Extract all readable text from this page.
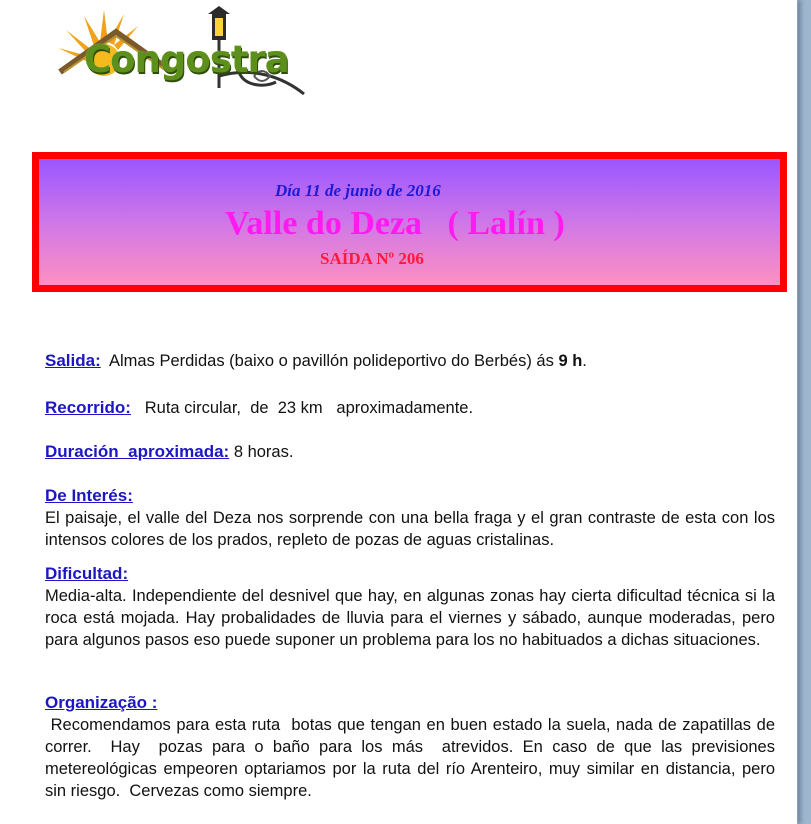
Congostra
Día 11 de junio de 2016
Valle do Deza   ( Lalín )
SAÍDA Nº 206
Salida: Almas Perdidas (baixo o pavillón polideportivo do Berbés) ás 9 h.
Recorrido: Ruta circular,  de  23 km   aproximadamente.
Duración  aproximada: 8 horas.
De Interés:
El paisaje, el valle del Deza nos sorprende con una bella fraga y el gran contraste de esta con los intensos colores de los prados, repleto de pozas de aguas cristalinas.
Dificultad:
Media-alta. Independiente del desnivel que hay, en algunas zonas hay cierta dificultad técnica si la roca está mojada. Hay probalidades de lluvia para el viernes y sábado, aunque moderadas, pero para algunos pasos eso puede suponer un problema para los no habituados a dichas situaciones.
Organização :
Recomendamos para esta ruta  botas que tengan en buen estado la suela, nada de zapatillas de correr.  Hay  pozas para o baño para los más  atrevidos. En caso de que las previsiones metereológicas empeoren optariamos por la ruta del río Arenteiro, muy similar en distancia, pero sin riesgo.  Cervezas como siempre.
